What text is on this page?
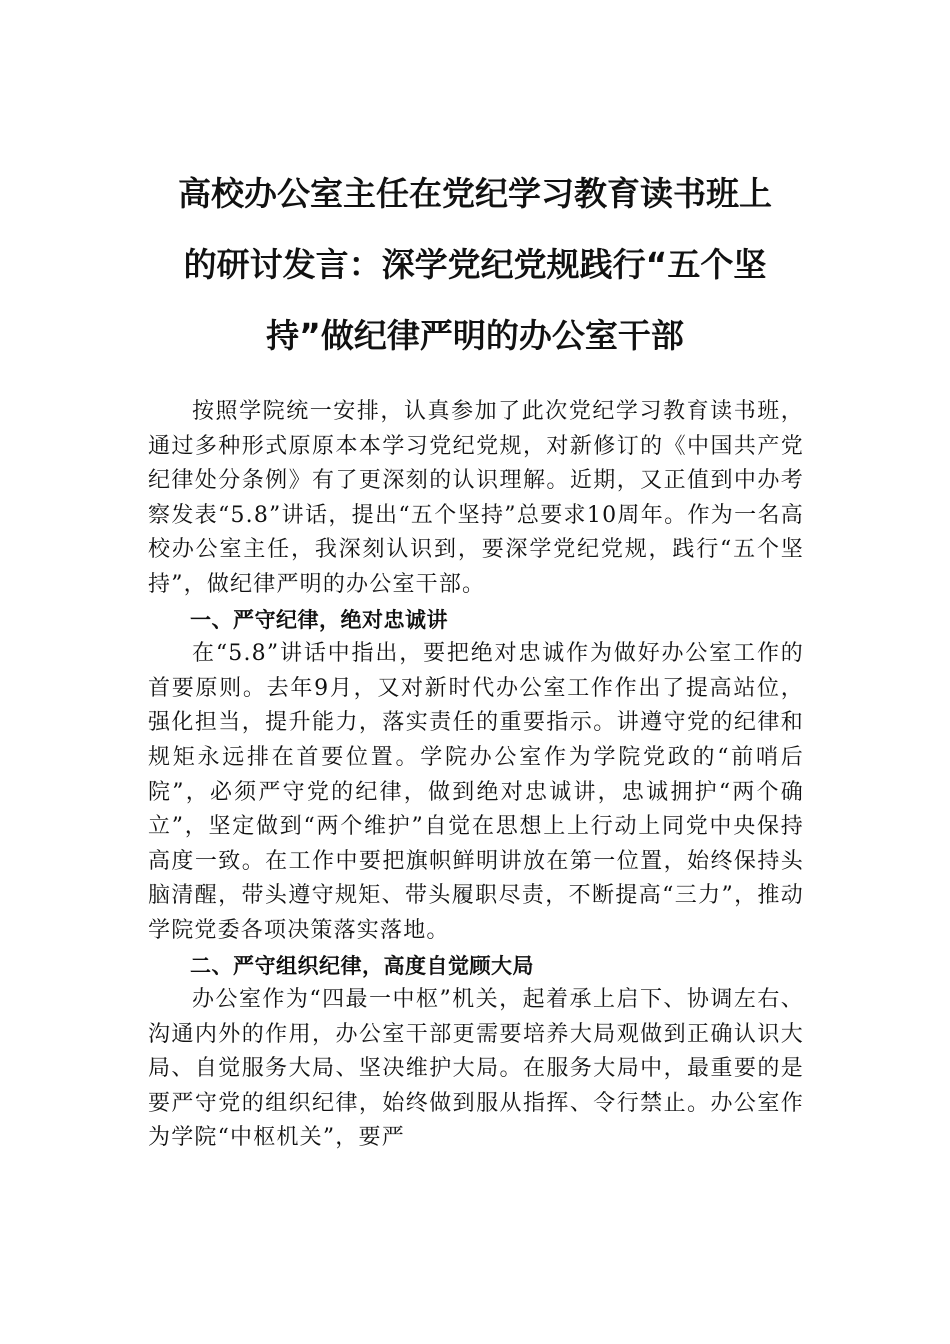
高校办公室主任在党纪学习教育读书班上
的研讨发言：深学党纪党规践行“五个坚
持”做纪律严明的办公室干部

按照学院统一安排，认真参加了此次党纪学习教育读书班，通过多种形式原原本本学习党纪党规，对新修订的《中国共产党纪律处分条例》有了更深刻的认识理解。近期，又正值到中办考察发表“5.8”讲话，提出“五个坚持”总要求10周年。作为一名高校办公室主任，我深刻认识到，要深学党纪党规，践行“五个坚持”，做纪律严明的办公室干部。

一、严守纪律，绝对忠诚讲

在“5.8”讲话中指出，要把绝对忠诚作为做好办公室工作的首要原则。去年9月，又对新时代办公室工作作出了提高站位，强化担当，提升能力，落实责任的重要指示。讲遵守党的纪律和规矩永远排在首要位置。学院办公室作为学院党政的“前哨后院”，必须严守党的纪律，做到绝对忠诚讲，忠诚拥护“两个确立”，坚定做到“两个维护”自觉在思想上上行动上同党中央保持高度一致。在工作中要把旗帜鲜明讲放在第一位置，始终保持头脑清醒，带头遵守规矩、带头履职尽责，不断提高“三力”，推动学院党委各项决策落实落地。

二、严守组织纪律，高度自觉顾大局

办公室作为“四最一中枢”机关，起着承上启下、协调左右、沟通内外的作用，办公室干部更需要培养大局观做到正确认识大局、自觉服务大局、坚决维护大局。在服务大局中，最重要的是要严守党的组织纪律，始终做到服从指挥、令行禁止。办公室作为学院“中枢机关”，要严
